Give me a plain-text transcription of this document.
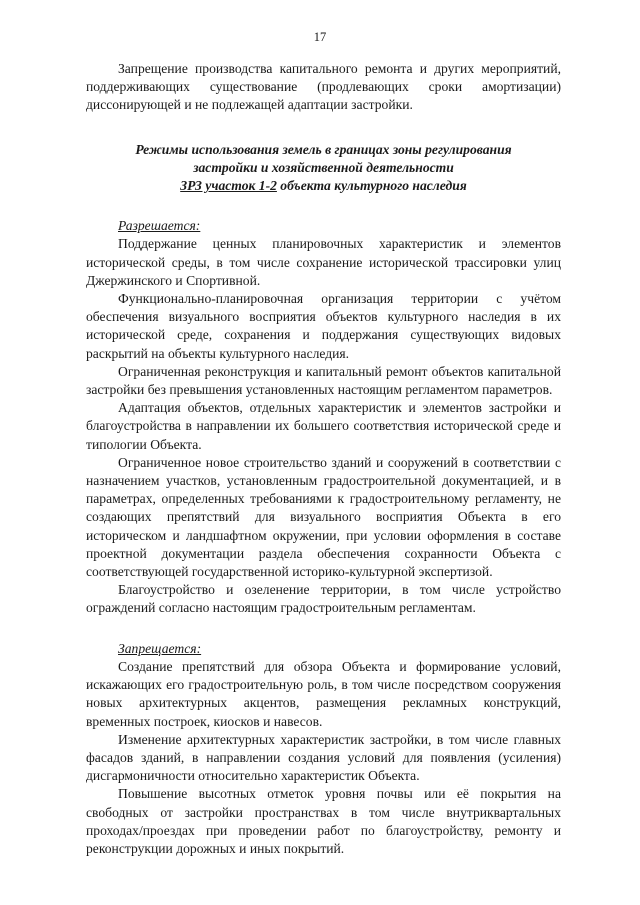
17

Запрещение производства капитального ремонта и других мероприятий, поддерживающих существование (продлевающих сроки амортизации) диссонирующей и не подлежащей адаптации застройки.

Режимы использования земель в границах зоны регулирования
застройки и хозяйственной деятельности
ЗРЗ участок 1-2 объекта культурного наследия

Разрешается:

Поддержание ценных планировочных характеристик и элементов исторической среды, в том числе сохранение исторической трассировки улиц Джержинского и Спортивной.

Функционально-планировочная организация территории с учётом обеспечения визуального восприятия объектов культурного наследия в их исторической среде, сохранения и поддержания существующих видовых раскрытий на объекты культурного наследия.

Ограниченная реконструкция и капитальный ремонт объектов капитальной застройки без превышения установленных настоящим регламентом параметров.

Адаптация объектов, отдельных характеристик и элементов застройки и благоустройства в направлении их большего соответствия исторической среде и типологии Объекта.

Ограниченное новое строительство зданий и сооружений в соответствии с назначением участков, установленным градостроительной документацией, и в параметрах, определенных требованиями к градостроительному регламенту, не создающих препятствий для визуального восприятия Объекта в его историческом и ландшафтном окружении, при условии оформления в составе проектной документации раздела обеспечения сохранности Объекта с соответствующей государственной историко-культурной экспертизой.

Благоустройство и озеленение территории, в том числе устройство ограждений согласно настоящим градостроительным регламентам.

Запрещается:

Создание препятствий для обзора Объекта и формирование условий, искажающих его градостроительную роль, в том числе посредством сооружения новых архитектурных акцентов, размещения рекламных конструкций, временных построек, киосков и навесов.

Изменение архитектурных характеристик застройки, в том числе главных фасадов зданий, в направлении создания условий для появления (усиления) дисгармоничности относительно характеристик Объекта.

Повышение высотных отметок уровня почвы или её покрытия на свободных от застройки пространствах в том числе внутриквартальных проходах/проездах при проведении работ по благоустройству, ремонту и реконструкции дорожных и иных покрытий.
